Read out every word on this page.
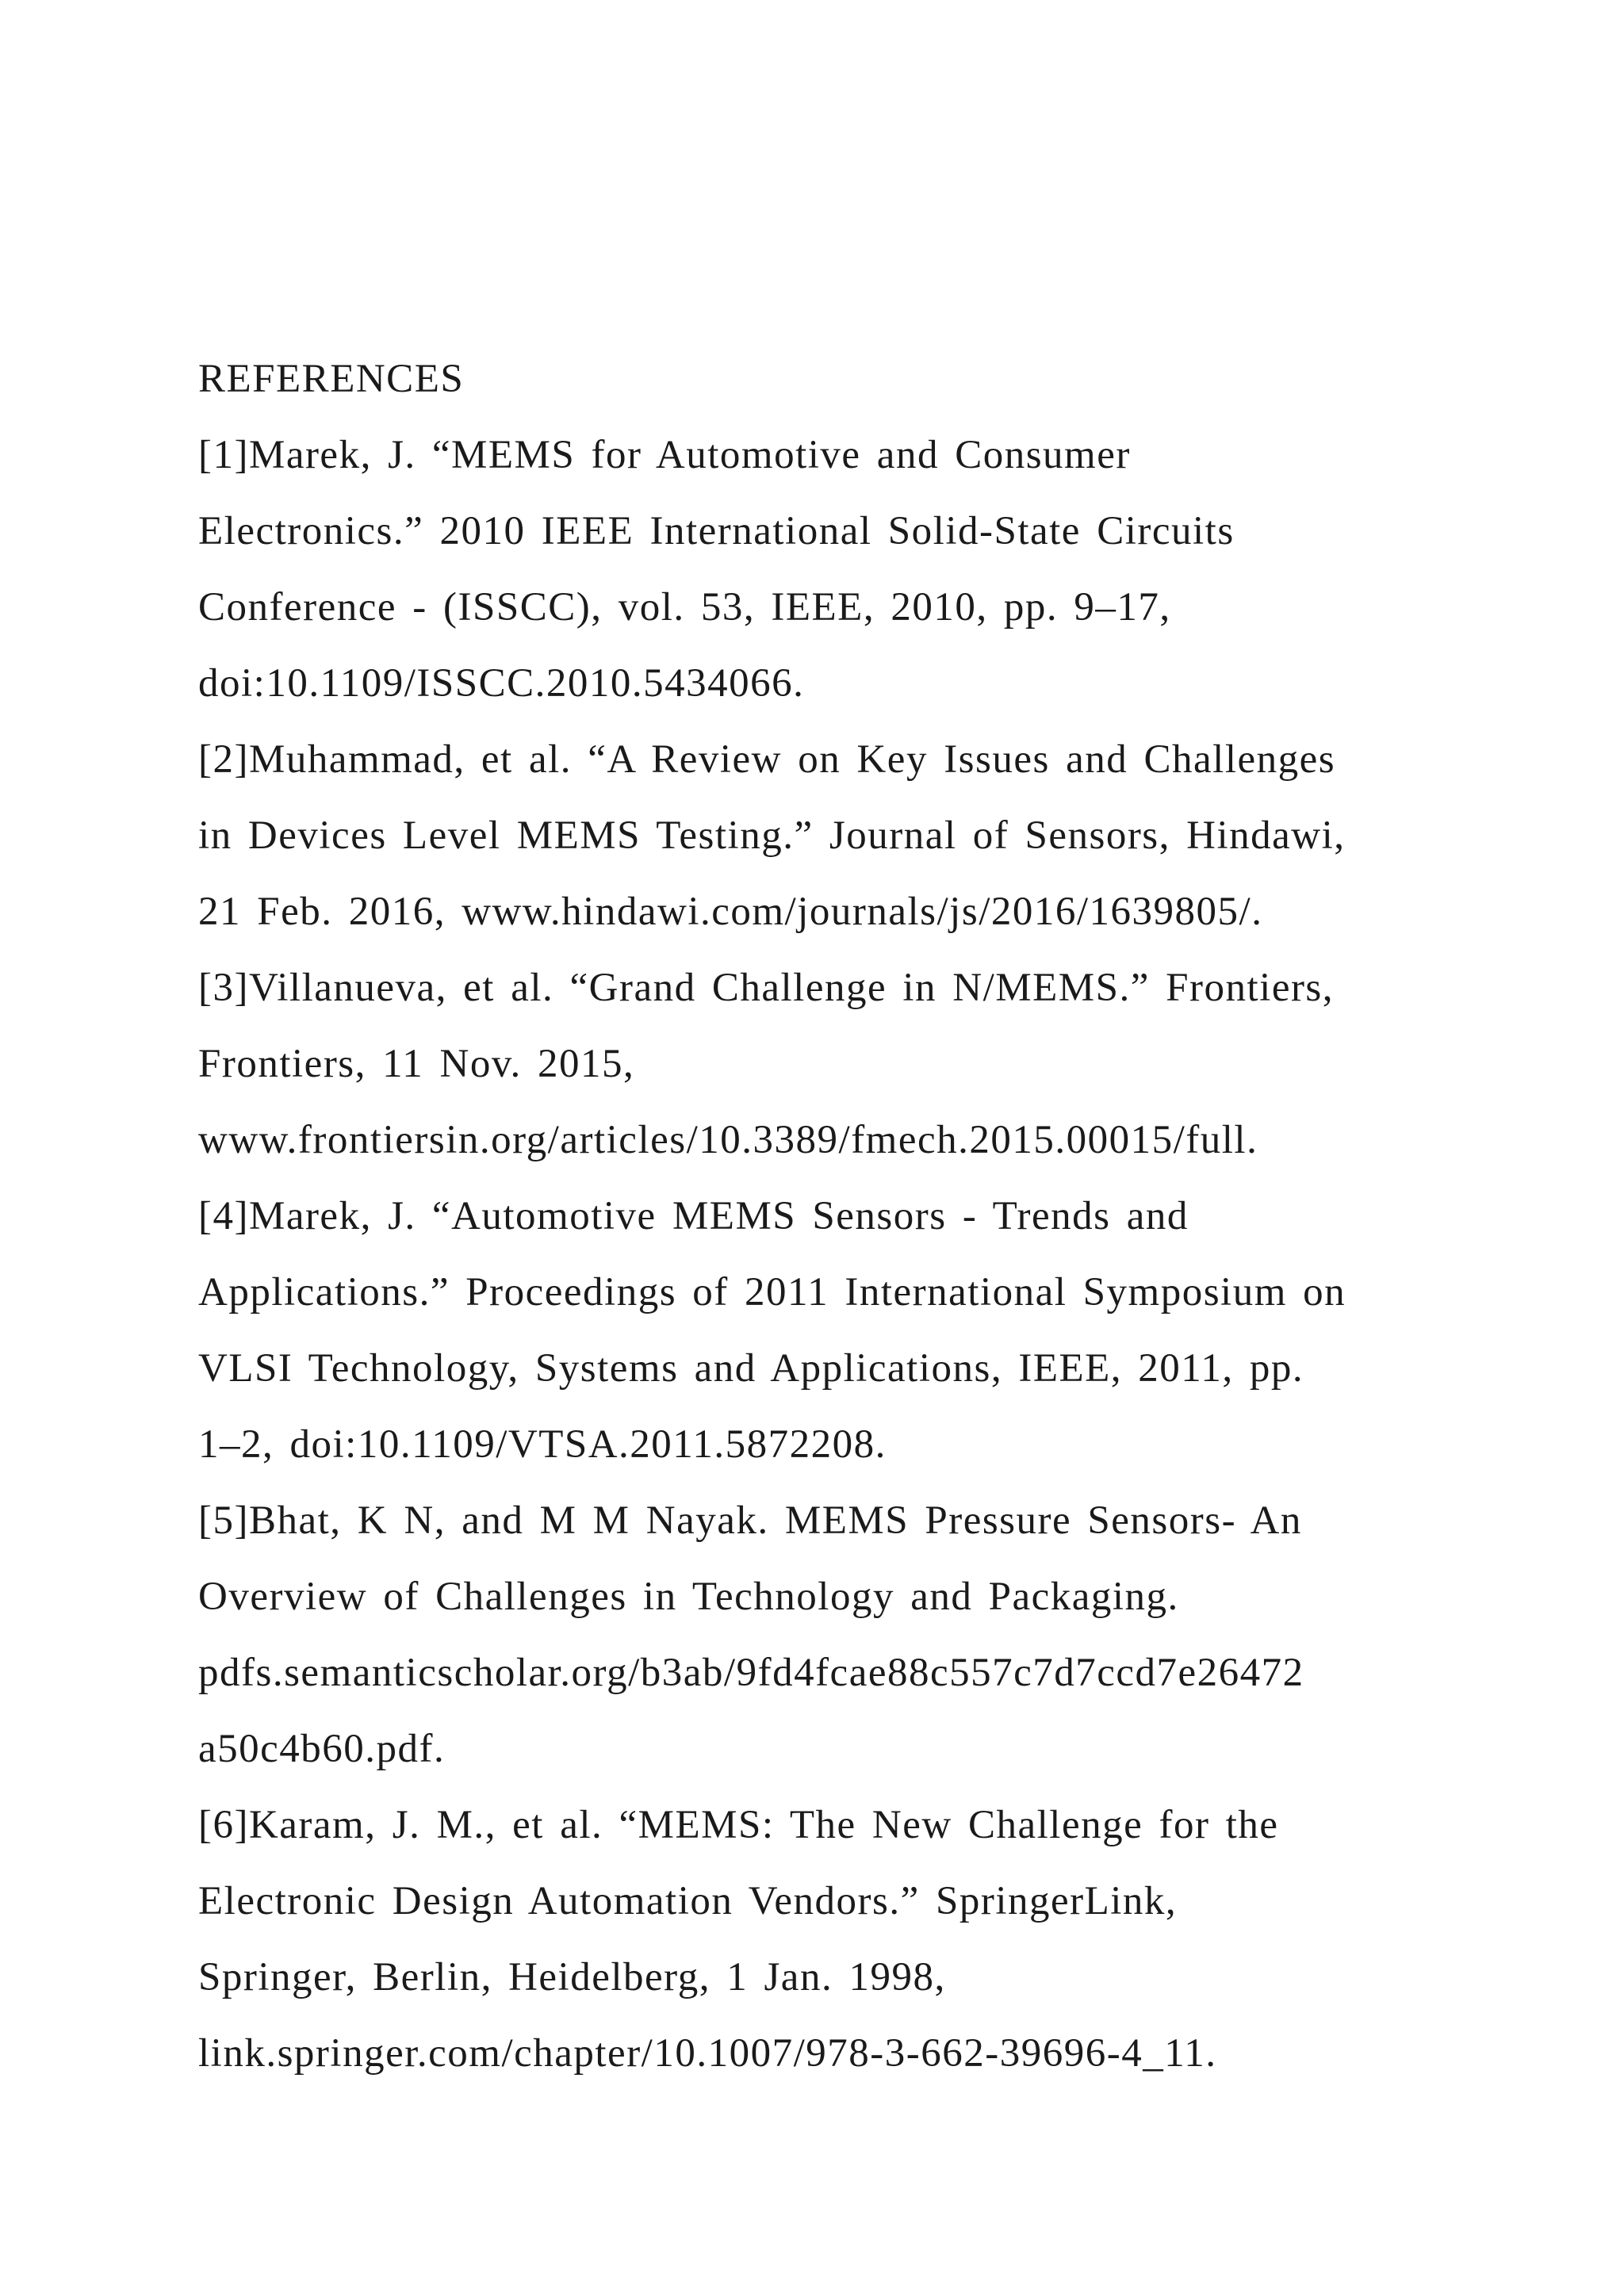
REFERENCES
[1]Marek, J. “MEMS for Automotive and Consumer
Electronics.” 2010 IEEE International Solid-State Circuits
Conference - (ISSCC), vol. 53, IEEE, 2010, pp. 9–17,
doi:10.1109/ISSCC.2010.5434066.
[2]Muhammad, et al. “A Review on Key Issues and Challenges
in Devices Level MEMS Testing.” Journal of Sensors, Hindawi,
21 Feb. 2016, www.hindawi.com/journals/js/2016/1639805/.
[3]Villanueva, et al. “Grand Challenge in N/MEMS.” Frontiers,
Frontiers, 11 Nov. 2015,
www.frontiersin.org/articles/10.3389/fmech.2015.00015/full.
[4]Marek, J. “Automotive MEMS Sensors - Trends and
Applications.” Proceedings of 2011 International Symposium on
VLSI Technology, Systems and Applications, IEEE, 2011, pp.
1–2, doi:10.1109/VTSA.2011.5872208.
[5]Bhat, K N, and M M Nayak. MEMS Pressure Sensors- An
Overview of Challenges in Technology and Packaging.
pdfs.semanticscholar.org/b3ab/9fd4fcae88c557c7d7ccd7e26472
a50c4b60.pdf.
[6]Karam, J. M., et al. “MEMS: The New Challenge for the
Electronic Design Automation Vendors.” SpringerLink,
Springer, Berlin, Heidelberg, 1 Jan. 1998,
link.springer.com/chapter/10.1007/978-3-662-39696-4_11.
